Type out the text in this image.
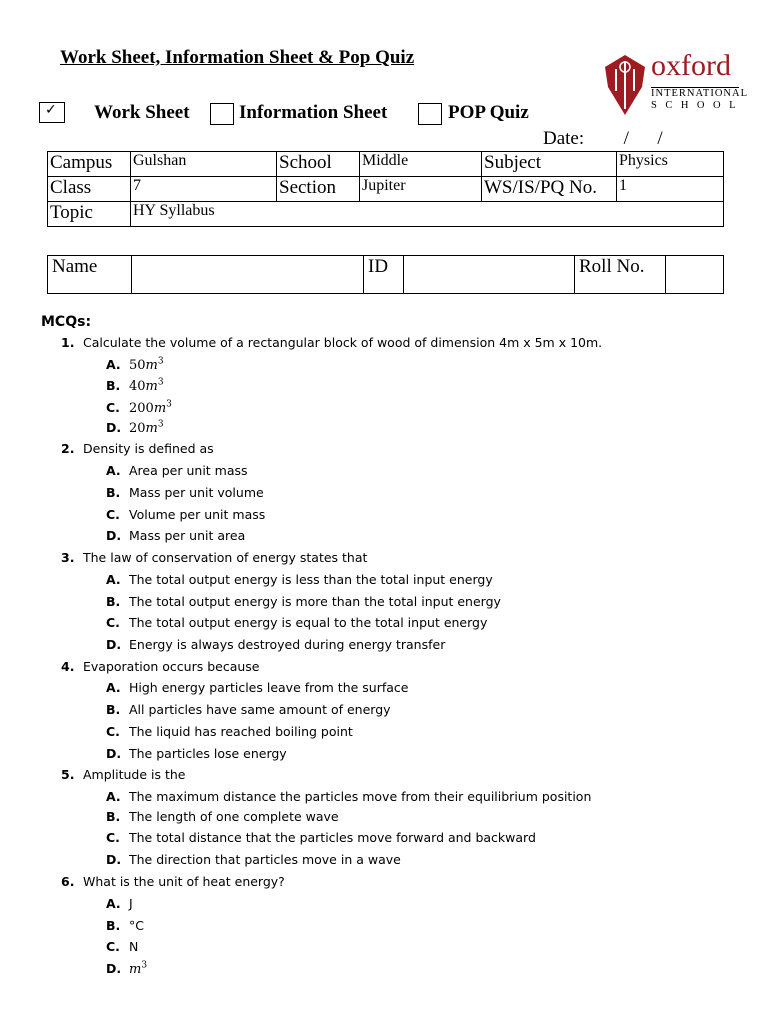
Work Sheet, Information Sheet & Pop Quiz	oxford
INTERNATIONAL
SCHOOL
✓ Work Sheet	Information Sheet	POP Quiz
Date: /      /
Campus	Gulshan	School	Middle	Subject	Physics
Class	7	Section	Jupiter	WS/IS/PQ No.	1
Topic	HY Syllabus				
Name		ID		Roll No.	
MCQs:
1. Calculate the volume of a rectangular block of wood of dimension 4m x 5m x 10m.
A. $50m^3$
B. $40m^3$
C. $200m^3$
D. $20m^3$
2. Density is defined as
A. Area per unit mass
B. Mass per unit volume
C. Volume per unit mass
D. Mass per unit area
3. The law of conservation of energy states that
A. The total output energy is less than the total input energy
B. The total output energy is more than the total input energy
C. The total output energy is equal to the total input energy
D. Energy is always destroyed during energy transfer
4. Evaporation occurs because
A. High energy particles leave from the surface
B. All particles have same amount of energy
C. The liquid has reached boiling point
D. The particles lose energy
5. Amplitude is the
A. The maximum distance the particles move from their equilibrium position
B. The length of one complete wave
C. The total distance that the particles move forward and backward
D. The direction that particles move in a wave
6. What is the unit of heat energy?
A. J
B. °C
C. N
D. $m^3$
